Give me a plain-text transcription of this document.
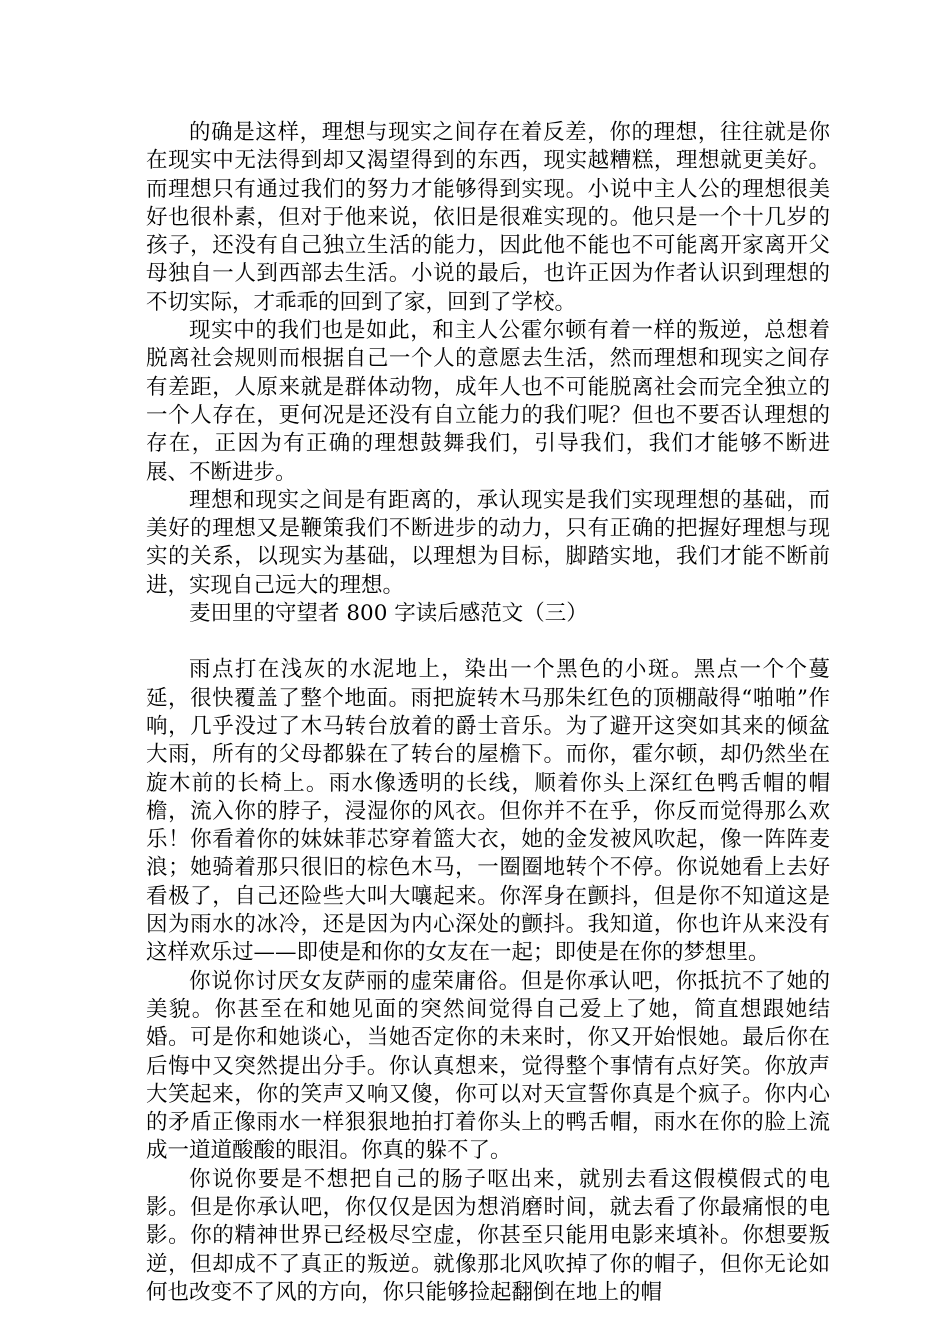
的确是这样，理想与现实之间存在着反差，你的理想，往往就是你在现实中无法得到却又渴望得到的东西，现实越糟糕，理想就更美好。而理想只有通过我们的努力才能够得到实现。小说中主人公的理想很美好也很朴素，但对于他来说，依旧是很难实现的。他只是一个十几岁的孩子，还没有自己独立生活的能力，因此他不能也不可能离开家离开父母独自一人到西部去生活。小说的最后，也许正因为作者认识到理想的不切实际，才乖乖的回到了家，回到了学校。

现实中的我们也是如此，和主人公霍尔顿有着一样的叛逆，总想着脱离社会规则而根据自己一个人的意愿去生活，然而理想和现实之间存有差距，人原来就是群体动物，成年人也不可能脱离社会而完全独立的一个人存在，更何况是还没有自立能力的我们呢？但也不要否认理想的存在，正因为有正确的理想鼓舞我们，引导我们，我们才能够不断进展、不断进步。

理想和现实之间是有距离的，承认现实是我们实现理想的基础，而美好的理想又是鞭策我们不断进步的动力，只有正确的把握好理想与现实的关系，以现实为基础，以理想为目标，脚踏实地，我们才能不断前进，实现自己远大的理想。

麦田里的守望者 800 字读后感范文（三）

雨点打在浅灰的水泥地上，染出一个黑色的小斑。黑点一个个蔓延，很快覆盖了整个地面。雨把旋转木马那朱红色的顶棚敲得“啪啪”作响，几乎没过了木马转台放着的爵士音乐。为了避开这突如其来的倾盆大雨，所有的父母都躲在了转台的屋檐下。而你，霍尔顿，却仍然坐在旋木前的长椅上。雨水像透明的长线，顺着你头上深红色鸭舌帽的帽檐，流入你的脖子，浸湿你的风衣。但你并不在乎，你反而觉得那么欢乐！你看着你的妹妹菲芯穿着篮大衣，她的金发被风吹起，像一阵阵麦浪；她骑着那只很旧的棕色木马，一圈圈地转个不停。你说她看上去好看极了，自己还险些大叫大嚷起来。你浑身在颤抖，但是你不知道这是因为雨水的冰冷，还是因为内心深处的颤抖。我知道，你也许从来没有这样欢乐过——即使是和你的女友在一起；即使是在你的梦想里。

你说你讨厌女友萨丽的虚荣庸俗。但是你承认吧，你抵抗不了她的美貌。你甚至在和她见面的突然间觉得自己爱上了她，简直想跟她结婚。可是你和她谈心，当她否定你的未来时，你又开始恨她。最后你在后悔中又突然提出分手。你认真想来，觉得整个事情有点好笑。你放声大笑起来，你的笑声又响又傻，你可以对天宣誓你真是个疯子。你内心的矛盾正像雨水一样狠狠地拍打着你头上的鸭舌帽，雨水在你的脸上流成一道道酸酸的眼泪。你真的躲不了。

你说你要是不想把自己的肠子呕出来，就别去看这假模假式的电影。但是你承认吧，你仅仅是因为想消磨时间，就去看了你最痛恨的电影。你的精神世界已经极尽空虚，你甚至只能用电影来填补。你想要叛逆，但却成不了真正的叛逆。就像那北风吹掉了你的帽子，但你无论如何也改变不了风的方向，你只能够捡起翻倒在地上的帽
